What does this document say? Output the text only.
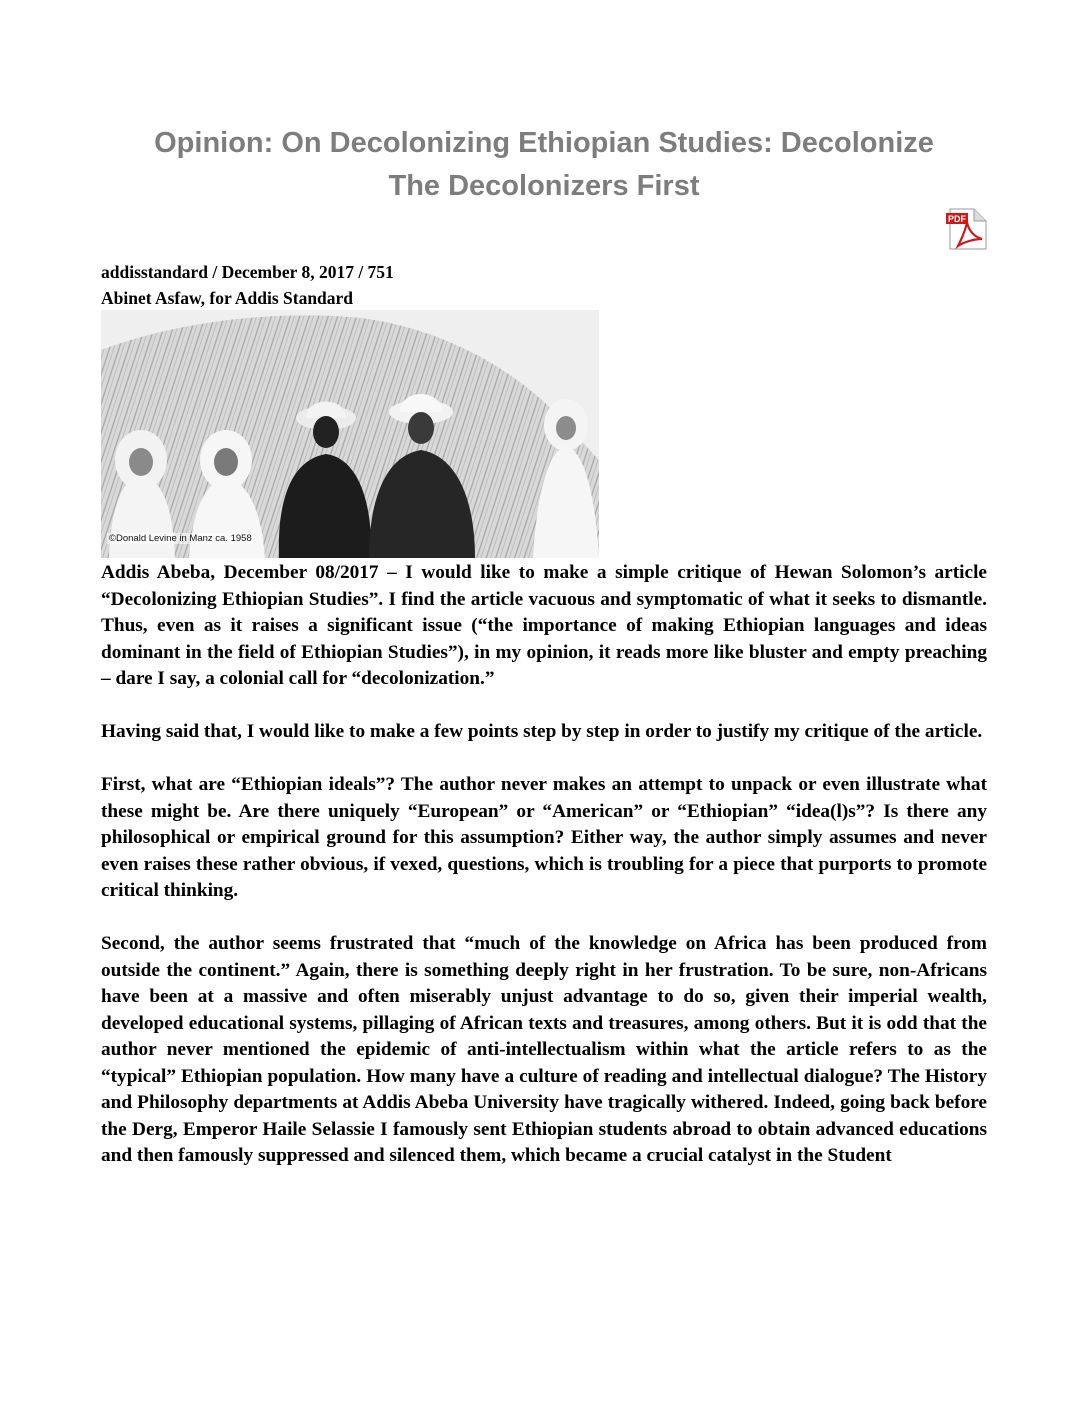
Opinion: On Decolonizing Ethiopian Studies: Decolonize
The Decolonizers First
PDF
addisstandard / December 8, 2017 / 751
Abinet Asfaw, for Addis Standard
©Donald Levine in Manz ca. 1958

Addis Abeba, December 08/2017 – I would like to make a simple critique of Hewan Solomon’s article “Decolonizing Ethiopian Studies”. I find the article vacuous and symptomatic of what it seeks to dismantle. Thus, even as it raises a significant issue (“the importance of making Ethiopian languages and ideas dominant in the field of Ethiopian Studies”), in my opinion, it reads more like bluster and empty preaching – dare I say, a colonial call for “decolonization.”

Having said that, I would like to make a few points step by step in order to justify my critique of the article.

First, what are “Ethiopian ideals”? The author never makes an attempt to unpack or even illustrate what these might be. Are there uniquely “European” or “American” or “Ethiopian” “idea(l)s”? Is there any philosophical or empirical ground for this assumption? Either way, the author simply assumes and never even raises these rather obvious, if vexed, questions, which is troubling for a piece that purports to promote critical thinking.

Second, the author seems frustrated that “much of the knowledge on Africa has been produced from outside the continent.” Again, there is something deeply right in her frustration. To be sure, non-Africans have been at a massive and often miserably unjust advantage to do so, given their imperial wealth, developed educational systems, pillaging of African texts and treasures, among others. But it is odd that the author never mentioned the epidemic of anti-intellectualism within what the article refers to as the “typical” Ethiopian population. How many have a culture of reading and intellectual dialogue? The History and Philosophy departments at Addis Abeba University have tragically withered. Indeed, going back before the Derg, Emperor Haile Selassie I famously sent Ethiopian students abroad to obtain advanced educations and then famously suppressed and silenced them, which became a crucial catalyst in the Student
